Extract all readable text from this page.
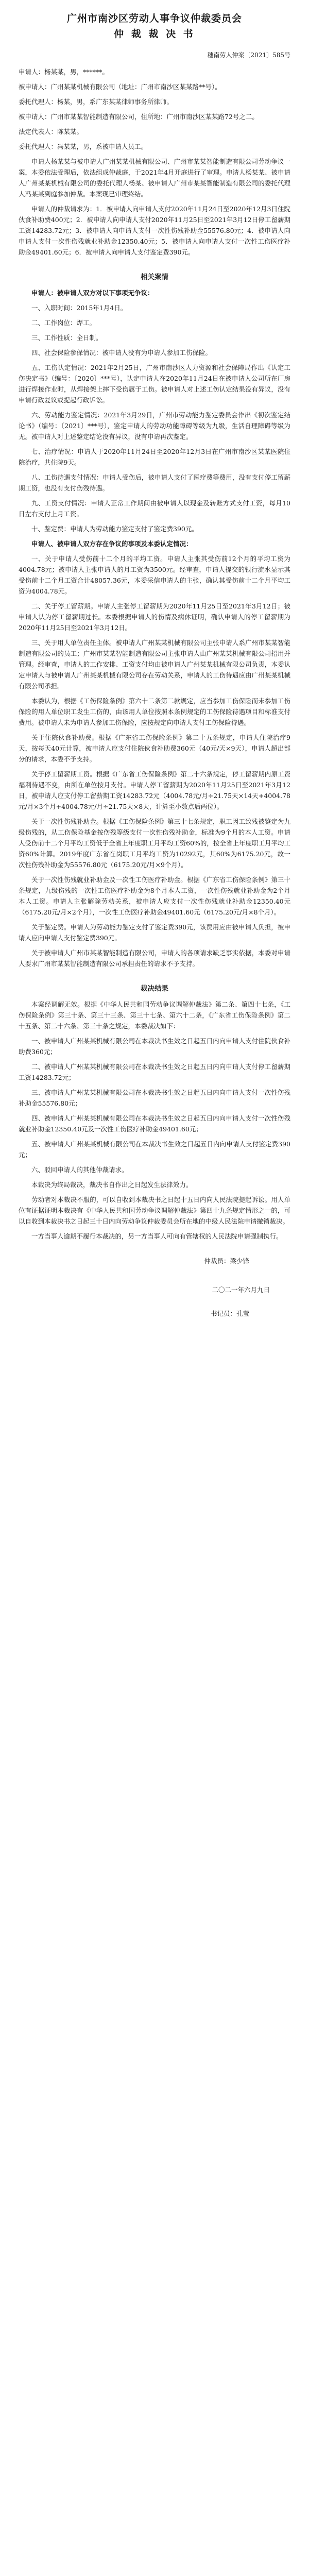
广州市南沙区劳动人事争议仲裁委员会
仲 裁 裁 决 书
穗南劳人仲案〔2021〕585号

申请人：杨某某，男，******。

被申请人：广州某某机械有限公司（地址：广州市南沙区某某路**号）。

委托代理人：杨某，男，系广东某某律师事务所律师。

被申请人：广州市某某智能制造有限公司，住所地：广州市南沙区某某路72号之二。

法定代表人：陈某某。

委托代理人：冯某某，男，系被申请人员工。

申请人杨某某与被申请人广州某某机械有限公司、广州市某某智能制造有限公司劳动争议一案，本委依法受理后，依法组成仲裁庭，于2021年4月开庭进行了审理。申请人杨某某、被申请人广州某某机械有限公司的委托代理人杨某、被申请人广州市某某智能制造有限公司的委托代理人冯某某到庭参加仲裁。本案现已审理终结。

申请人的仲裁请求为：1．被申请人向申请人支付2020年11月24日至2020年12月3日住院伙食补助费400元；2．被申请人向申请人支付2020年11月25日至2021年3月12日停工留薪期工资14283.72元；3．被申请人向申请人支付一次性伤残补助金55576.80元；4．被申请人向申请人支付一次性伤残就业补助金12350.40元；5．被申请人向申请人支付一次性工伤医疗补助金49401.60元；6．被申请人向申请人支付鉴定费390元。

相关案情

申请人：被申请人双方对以下事项无争议：

一、入职时间：2015年1月4日。

二、工作岗位：焊工。

三、工作性质：全日制。

四、社会保险参保情况：被申请人没有为申请人参加工伤保险。

五、工伤认定情况：2021年2月25日，广州市南沙区人力资源和社会保障局作出《认定工伤决定书》（编号：〔2020〕***号），认定申请人在2020年11月24日在被申请人公司所在厂房进行焊接作业时，从焊接架上摔下受伤属于工伤。被申请人对上述工伤认定结果没有异议，没有申请行政复议或提起行政诉讼。

六、劳动能力鉴定情况：2021年3月29日，广州市劳动能力鉴定委员会作出《初次鉴定结论书》（编号：〔2021〕***号），鉴定申请人的劳动功能障碍等级为九级，生活自理障碍等级为无。被申请人对上述鉴定结论没有异议，没有申请再次鉴定。

七、治疗情况：申请人于2020年11月24日至2020年12月3日在广州市南沙区某某医院住院治疗，共住院9天。

八、工伤待遇支付情况：申请人受伤后，被申请人支付了医疗费等费用，没有支付停工留薪期工资，也没有支付伤残待遇。

九、工资支付情况：申请人正常工作期间由被申请人以现金及转账方式支付工资，每月10日左右支付上月工资。

十、鉴定费：申请人为劳动能力鉴定支付了鉴定费390元。

申请人、被申请人双方存在争议的事项及本委认定情况：

一、关于申请人受伤前十二个月的平均工资。申请人主张其受伤前12个月的平均工资为4004.78元；被申请人主张申请人的月工资为3500元。经审查，申请人提交的银行流水显示其受伤前十二个月工资合计48057.36元，本委采信申请人的主张，确认其受伤前十二个月平均工资为4004.78元。

二、关于停工留薪期。申请人主张停工留薪期为2020年11月25日至2021年3月12日；被申请人认为停工留薪期过长。本委根据申请人的伤情及病休证明，确认申请人的停工留薪期为2020年11月25日至2021年3月12日。

三、关于用人单位责任主体。被申请人广州某某机械有限公司主张申请人系广州市某某智能制造有限公司的员工；广州市某某智能制造有限公司主张申请人由广州某某机械有限公司招用并管理。经审查，申请人的工作安排、工资支付均由被申请人广州某某机械有限公司负责，本委认定申请人与被申请人广州某某机械有限公司存在劳动关系，申请人的工伤待遇应由广州某某机械有限公司承担。

本委认为，根据《工伤保险条例》第六十二条第二款规定，应当参加工伤保险而未参加工伤保险的用人单位职工发生工伤的，由该用人单位按照本条例规定的工伤保险待遇项目和标准支付费用。被申请人未为申请人参加工伤保险，应按规定向申请人支付工伤保险待遇。

关于住院伙食补助费。根据《广东省工伤保险条例》第二十五条规定，申请人住院治疗9天，按每天40元计算，被申请人应支付住院伙食补助费360元（40元/天×9天），申请人超出部分的请求，本委不予支持。

关于停工留薪期工资。根据《广东省工伤保险条例》第二十六条规定，停工留薪期内原工资福利待遇不变，由所在单位按月支付。申请人停工留薪期为2020年11月25日至2021年3月12日，被申请人应支付停工留薪期工资14283.72元（4004.78元/月÷21.75天×14天+4004.78元/月×3个月+4004.78元/月÷21.75天×8天，计算至小数点后两位）。

关于一次性伤残补助金。根据《工伤保险条例》第三十七条规定，职工因工致残被鉴定为九级伤残的，从工伤保险基金按伤残等级支付一次性伤残补助金，标准为9个月的本人工资。申请人受伤前十二个月平均工资低于全省上年度职工月平均工资60%的，按全省上年度职工月平均工资60%计算。2019年度广东省在岗职工月平均工资为10292元，其60%为6175.20元，故一次性伤残补助金为55576.80元（6175.20元/月×9个月）。

关于一次性伤残就业补助金及一次性工伤医疗补助金。根据《广东省工伤保险条例》第三十条规定，九级伤残的一次性工伤医疗补助金为8个月本人工资，一次性伤残就业补助金为2个月本人工资。申请人主张解除劳动关系，被申请人应支付一次性伤残就业补助金12350.40元（6175.20元/月×2个月），一次性工伤医疗补助金49401.60元（6175.20元/月×8个月）。

关于鉴定费。申请人为劳动能力鉴定支付了鉴定费390元，该费用应由被申请人负担，被申请人应向申请人支付鉴定费390元。

关于被申请人广州市某某智能制造有限公司，申请人的各项请求缺乏事实依据，本委对申请人要求广州市某某智能制造有限公司承担责任的请求不予支持。

裁决结果

本案经调解无效。根据《中华人民共和国劳动争议调解仲裁法》第二条、第四十七条，《工伤保险条例》第三十条、第三十三条、第三十七条、第六十二条，《广东省工伤保险条例》第二十五条、第二十六条、第三十条之规定，本委裁决如下：

一、被申请人广州某某机械有限公司在本裁决书生效之日起五日内向申请人支付住院伙食补助费360元；

二、被申请人广州某某机械有限公司在本裁决书生效之日起五日内向申请人支付停工留薪期工资14283.72元；

三、被申请人广州某某机械有限公司在本裁决书生效之日起五日内向申请人支付一次性伤残补助金55576.80元；

四、被申请人广州某某机械有限公司在本裁决书生效之日起五日内向申请人支付一次性伤残就业补助金12350.40元及一次性工伤医疗补助金49401.60元；

五、被申请人广州某某机械有限公司在本裁决书生效之日起五日内向申请人支付鉴定费390元；

六、驳回申请人的其他仲裁请求。

本裁决为终局裁决，裁决书自作出之日起发生法律效力。

劳动者对本裁决不服的，可以自收到本裁决书之日起十五日内向人民法院提起诉讼。用人单位有证据证明本裁决有《中华人民共和国劳动争议调解仲裁法》第四十九条规定情形之一的，可以自收到本裁决书之日起三十日内向劳动争议仲裁委员会所在地的中级人民法院申请撤销裁决。

一方当事人逾期不履行本裁决的，另一方当事人可向有管辖权的人民法院申请强制执行。

仲裁员：梁少锋
二〇二一年六月九日
书记员：孔莹
